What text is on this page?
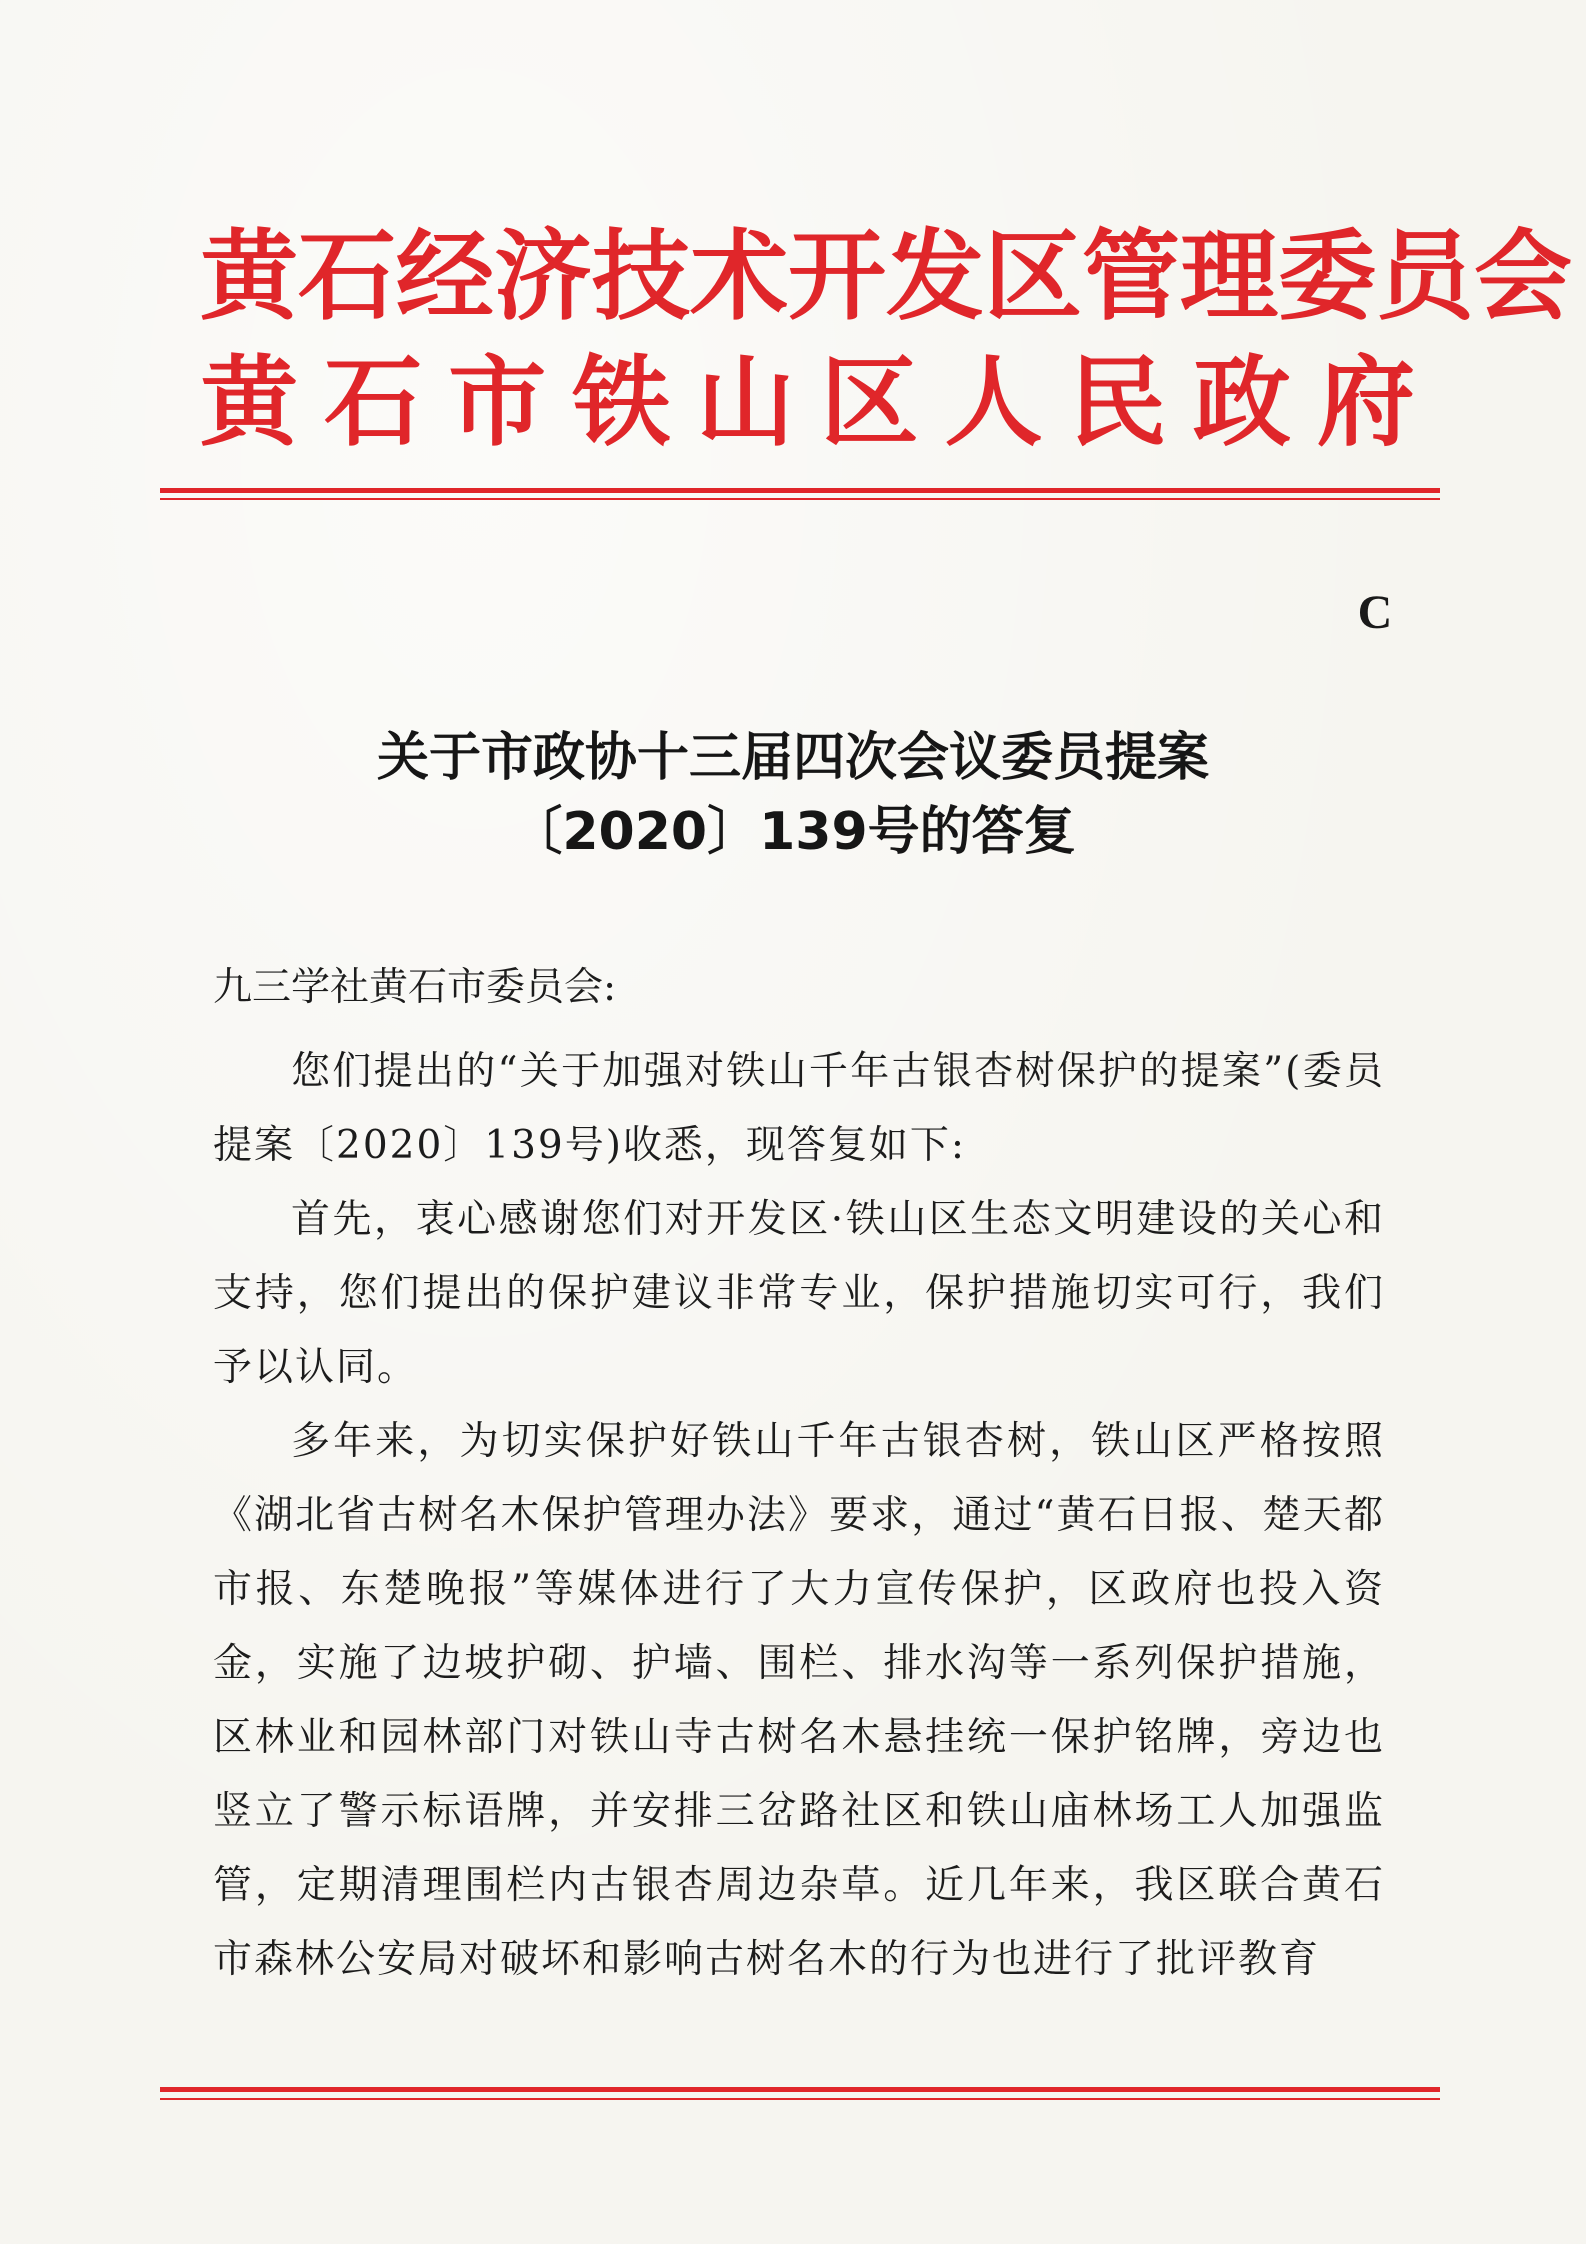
黄石经济技术开发区管理委员会
黄石市铁山区人民政府
C
关于市政协十三届四次会议委员提案
〔2020〕139号的答复
九三学社黄石市委员会:

您们提出的“关于加强对铁山千年古银杏树保护的提案”(委员提案〔2020〕139号)收悉，现答复如下:

首先，衷心感谢您们对开发区·铁山区生态文明建设的关心和支持，您们提出的保护建议非常专业，保护措施切实可行，我们予以认同。

多年来，为切实保护好铁山千年古银杏树，铁山区严格按照《湖北省古树名木保护管理办法》要求，通过“黄石日报、楚天都市报、东楚晚报”等媒体进行了大力宣传保护，区政府也投入资金，实施了边坡护砌、护墙、围栏、排水沟等一系列保护措施，区林业和园林部门对铁山寺古树名木悬挂统一保护铭牌，旁边也竖立了警示标语牌，并安排三岔路社区和铁山庙林场工人加强监管，定期清理围栏内古银杏周边杂草。近几年来，我区联合黄石市森林公安局对破坏和影响古树名木的行为也进行了批评教育
